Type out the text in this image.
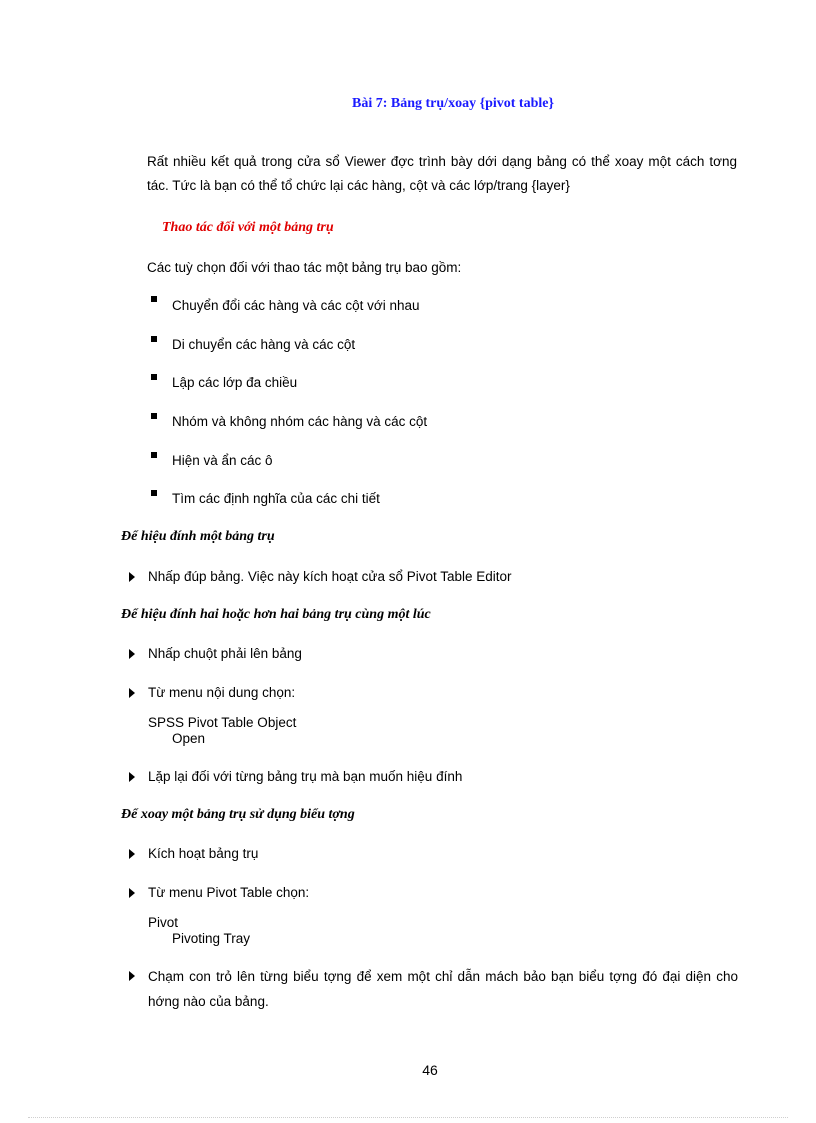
Bài 7: Bảng trụ/xoay {pivot table}
Rất nhiều kết quả trong cửa sổ Viewer đợc trình bày dới dạng bảng có thể xoay một cách tơng tác. Tức là bạn có thể tổ chức lại các hàng, cột và các lớp/trang {layer}
Thao tác đối với một bảng trụ
Các tuỳ chọn đối với thao tác một bảng trụ bao gồm:
Chuyển đổi các hàng và các cột với nhau
Di chuyển các hàng và các cột
Lập các lớp đa chiều
Nhóm và không nhóm các hàng và các cột
Hiện và ẩn các ô
Tìm các định nghĩa của các chi tiết
Để hiệu đính một bảng trụ
Nhấp đúp bảng. Việc này kích hoạt cửa sổ Pivot Table Editor
Để hiệu đính hai hoặc hơn hai bảng trụ cùng một lúc
Nhấp chuột phải lên bảng
Từ menu nội dung chọn:
SPSS Pivot Table Object
Open
Lặp lại đối với từng bảng trụ mà bạn muốn hiệu đính
Để xoay một bảng trụ sử dụng biểu tợng
Kích hoạt bảng trụ
Từ menu Pivot Table chọn:
Pivot
Pivoting Tray
Chạm con trỏ lên từng biểu tợng để xem một chỉ dẫn mách bảo bạn biểu tợng đó đại diện cho hớng nào của bảng.
46
